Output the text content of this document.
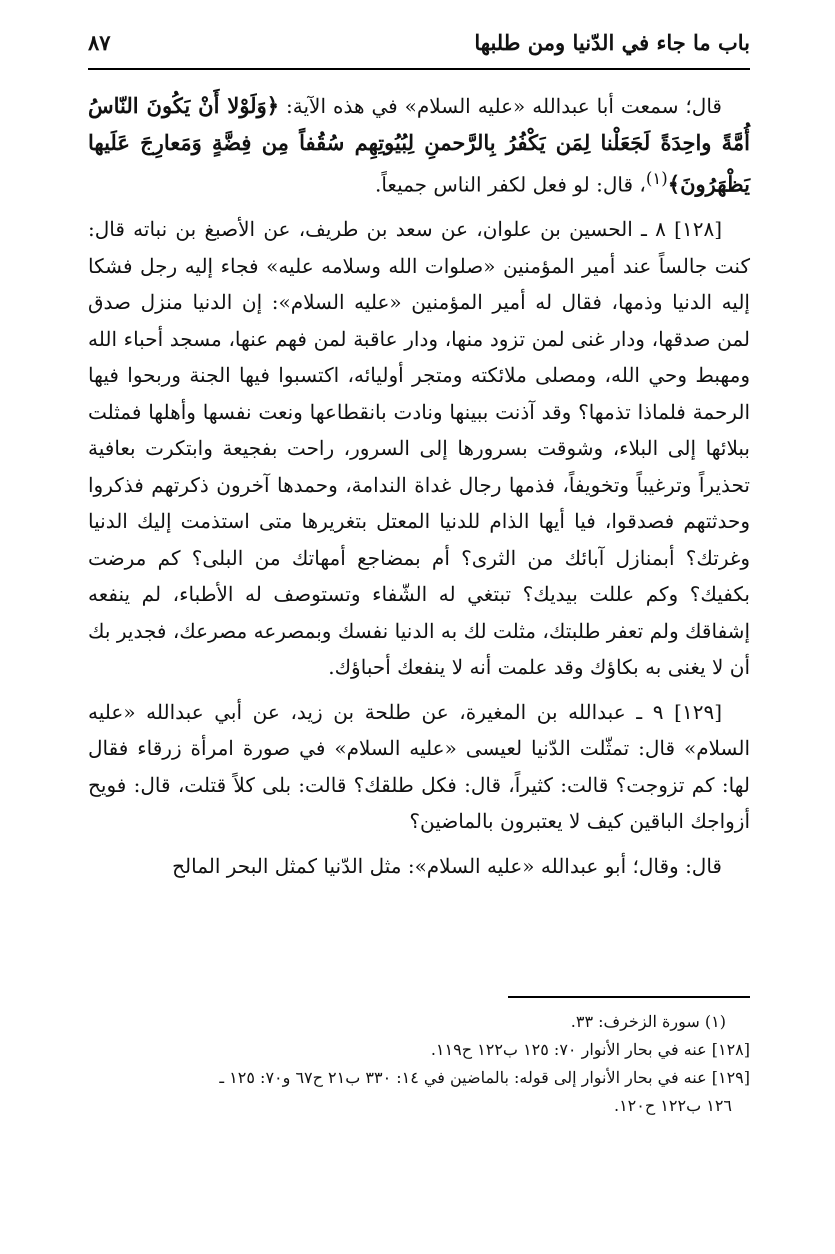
باب ما جاء في الدّنيا ومن طلبها
٨٧

قال؛ سمعت أبا عبدالله «عليه السلام» في هذه الآية: ﴿وَلَوْلا أَنْ يَكُونَ النّاسُ أُمَّةً واحِدَةً لَجَعَلْنا لِمَن يَكْفُرُ بِالرَّحمنِ لِبُيُوتِهِم سُقُفاً مِن فِضَّةٍ وَمَعارِجَ عَلَيها يَظْهَرُونَ﴾$^{(١)}$، قال: لو فعل لكفر الناس جميعاً.

[١٢٨] ٨ ـ الحسين بن علوان، عن سعد بن طريف، عن الأصبغ بن نباته قال: كنت جالساً عند أمير المؤمنين «صلوات الله وسلامه عليه» فجاء إليه رجل فشكا إليه الدنيا وذمها، فقال له أمير المؤمنين «عليه السلام»: إن الدنيا منزل صدق لمن صدقها، ودار غنى لمن تزود منها، ودار عاقبة لمن فهم عنها، مسجد أحباء الله ومهبط وحي الله، ومصلى ملائكته ومتجر أوليائه، اكتسبوا فيها الجنة وربحوا فيها الرحمة فلماذا تذمها؟ وقد آذنت ببينها ونادت بانقطاعها ونعت نفسها وأهلها فمثلت ببلائها إلى البلاء، وشوقت بسرورها إلى السرور، راحت بفجيعة وابتكرت بعافية تحذيراً وترغيباً وتخويفاً، فذمها رجال غداة الندامة، وحمدها آخرون ذكرتهم فذكروا وحدثتهم فصدقوا، فيا أيها الذام للدنيا المعتل بتغريرها متى استذمت إليك الدنيا وغرتك؟ أبمنازل آبائك من الثرى؟ أم بمضاجع أمهاتك من البلى؟ كم مرضت بكفيك؟ وكم عللت بيديك؟ تبتغي له الشّفاء وتستوصف له الأطباء، لم ينفعه إشفاقك ولم تعفر طلبتك، مثلت لك به الدنيا نفسك وبمصرعه مصرعك، فجدير بك أن لا يغنى به بكاؤك وقد علمت أنه لا ينفعك أحباؤك.

[١٢٩] ٩ ـ عبدالله بن المغيرة، عن طلحة بن زيد، عن أبي عبدالله «عليه السلام» قال: تمثّلت الدّنيا لعيسى «عليه السلام» في صورة امرأة زرقاء فقال لها: كم تزوجت؟ قالت: كثيراً، قال: فكل طلقك؟ قالت: بلى كلاً قتلت، قال: فويح أزواجك الباقين كيف لا يعتبرون بالماضين؟

قال: وقال؛ أبو عبدالله «عليه السلام»: مثل الدّنيا كمثل البحر المالح

(١) سورة الزخرف: ٣٣.

[١٢٨] عنه في بحار الأنوار ٧٠: ١٢٥ ب١٢٢ ح١١٩.

[١٢٩] عنه في بحار الأنوار إلى قوله: بالماضين في ١٤: ٣٣٠ ب٢١ ح٦٧ و٧٠: ١٢٥ ـ

١٢٦ ب١٢٢ ح١٢٠.
